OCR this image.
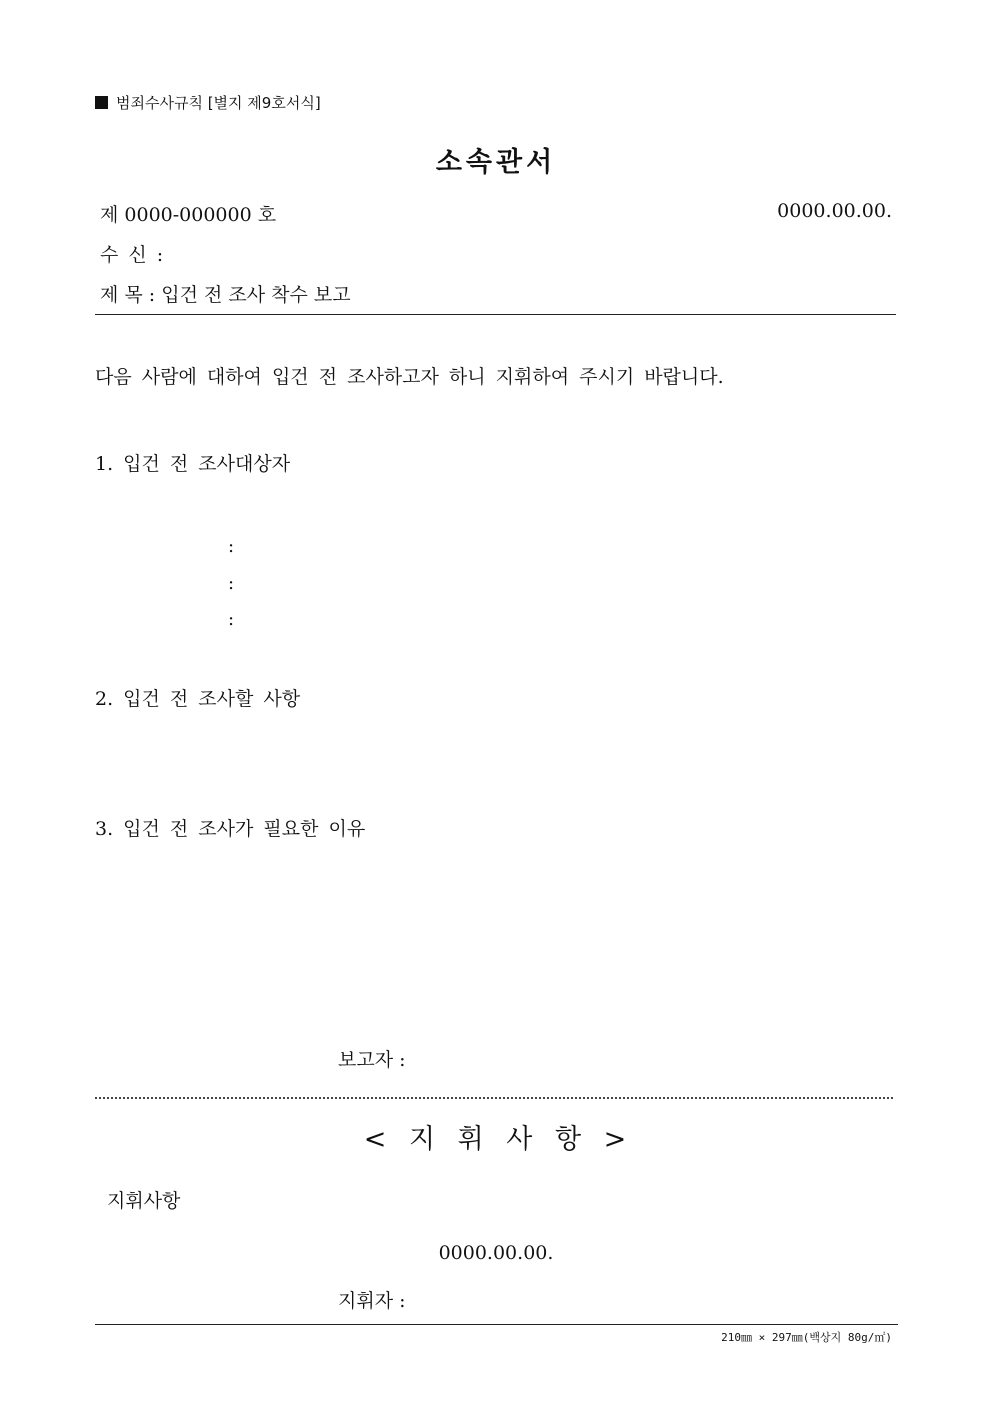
범죄수사규칙 [별지 제9호서식]
소속관서
제 0000-000000 호	0000.00.00.
수 신 :
제 목 : 입건 전 조사 착수 보고
다음 사람에 대하여 입건 전 조사하고자 하니 지휘하여 주시기 바랍니다.
1. 입건 전 조사대상자
:
:
:
2. 입건 전 조사할 사항
3. 입건 전 조사가 필요한 이유
보고자 :
< 지 휘 사 항 >
지휘사항
0000.00.00.
지휘자 :
210㎜ × 297㎜(백상지 80g/㎡)
